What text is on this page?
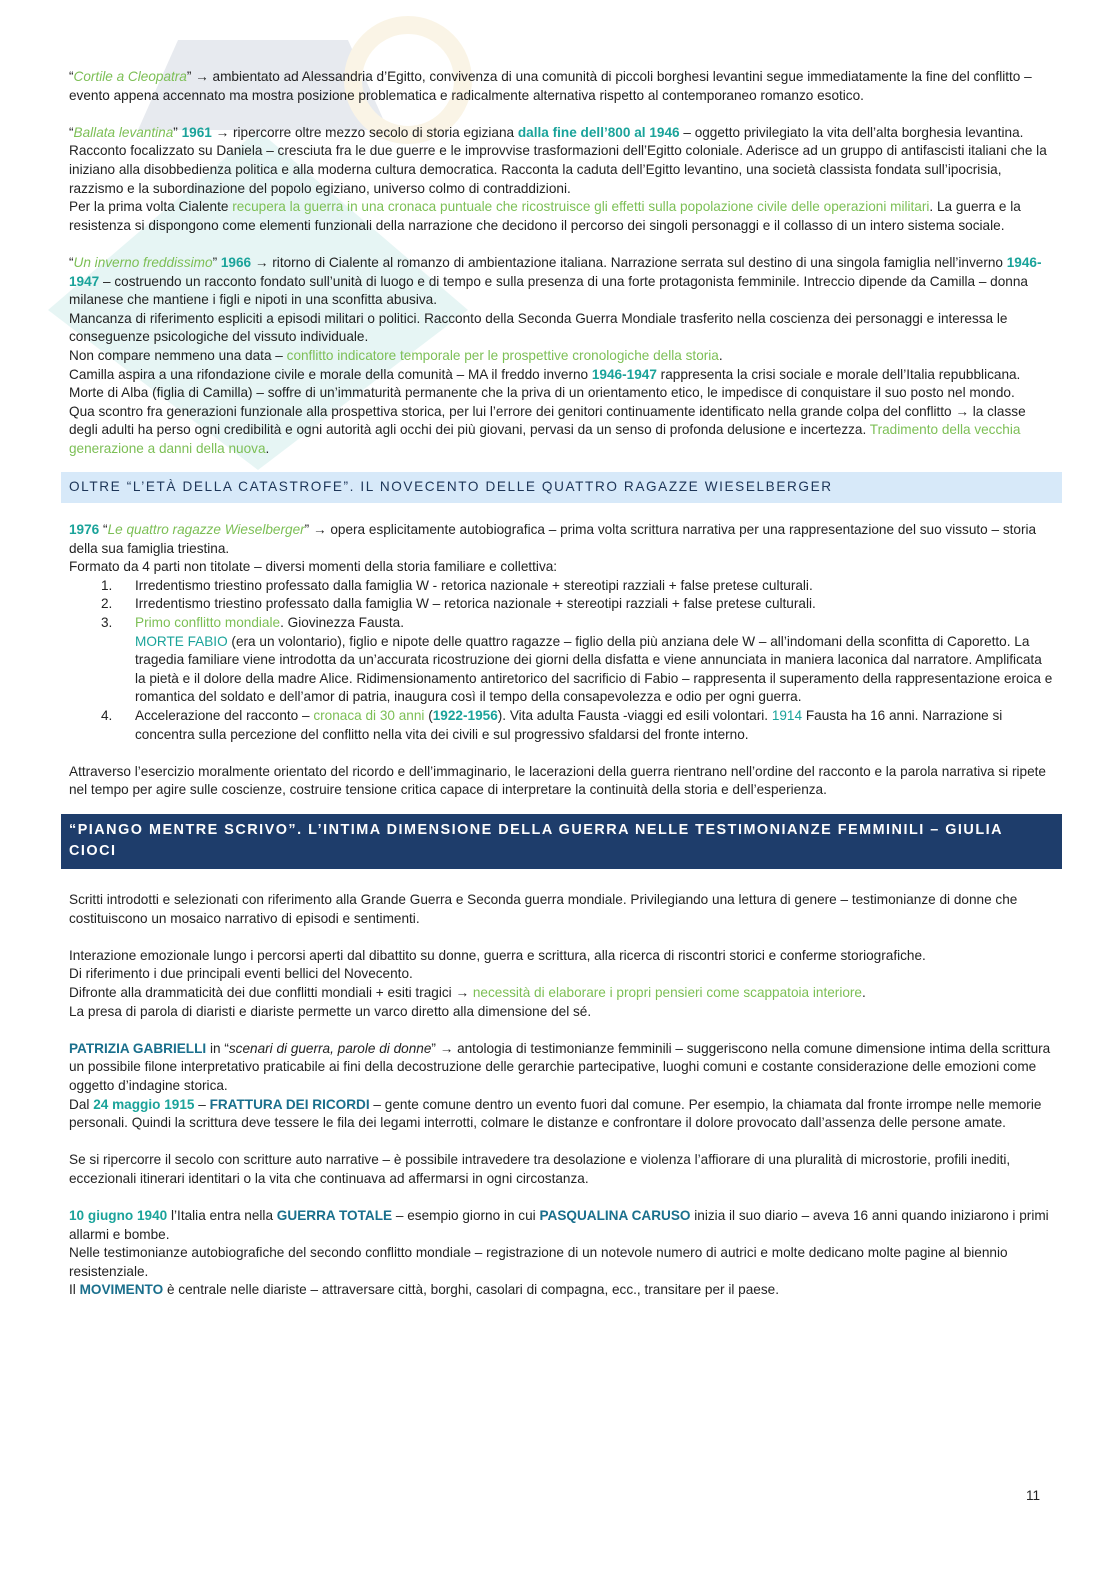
“Cortile a Cleopatra” → ambientato ad Alessandria d’Egitto, convivenza di una comunità di piccoli borghesi levantini segue immediatamente la fine del conflitto – evento appena accennato ma mostra posizione problematica e radicalmente alternativa rispetto al contemporaneo romanzo esotico.

“Ballata levantina” 1961 → ripercorre oltre mezzo secolo di storia egiziana dalla fine dell’800 al 1946 – oggetto privilegiato la vita dell’alta borghesia levantina. Racconto focalizzato su Daniela – cresciuta fra le due guerre e le improvvise trasformazioni dell’Egitto coloniale. Aderisce ad un gruppo di antifascisti italiani che la iniziano alla disobbedienza politica e alla moderna cultura democratica. Racconta la caduta dell’Egitto levantino, una società classista fondata sull’ipocrisia, razzismo e la subordinazione del popolo egiziano, universo colmo di contraddizioni.

Per la prima volta Cialente recupera la guerra in una cronaca puntuale che ricostruisce gli effetti sulla popolazione civile delle operazioni militari. La guerra e la resistenza si dispongono come elementi funzionali della narrazione che decidono il percorso dei singoli personaggi e il collasso di un intero sistema sociale.

“Un inverno freddissimo” 1966 → ritorno di Cialente al romanzo di ambientazione italiana. Narrazione serrata sul destino di una singola famiglia nell’inverno 1946-1947 – costruendo un racconto fondato sull’unità di luogo e di tempo e sulla presenza di una forte protagonista femminile. Intreccio dipende da Camilla – donna milanese che mantiene i figli e nipoti in una sconfitta abusiva.

Mancanza di riferimento espliciti a episodi militari o politici. Racconto della Seconda Guerra Mondiale trasferito nella coscienza dei personaggi e interessa le conseguenze psicologiche del vissuto individuale.

Non compare nemmeno una data – conflitto indicatore temporale per le prospettive cronologiche della storia.

Camilla aspira a una rifondazione civile e morale della comunità – MA il freddo inverno 1946-1947 rappresenta la crisi sociale e morale dell’Italia repubblicana.

Morte di Alba (figlia di Camilla) – soffre di un’immaturità permanente che la priva di un orientamento etico, le impedisce di conquistare il suo posto nel mondo.

Qua scontro fra generazioni funzionale alla prospettiva storica, per lui l’errore dei genitori continuamente identificato nella grande colpa del conflitto → la classe degli adulti ha perso ogni credibilità e ogni autorità agli occhi dei più giovani, pervasi da un senso di profonda delusione e incertezza. Tradimento della vecchia generazione a danni della nuova.

OLTRE “L’ETÀ DELLA CATASTROFE”. IL NOVECENTO DELLE QUATTRO RAGAZZE WIESELBERGER

1976 “Le quattro ragazze Wieselberger” → opera esplicitamente autobiografica – prima volta scrittura narrativa per una rappresentazione del suo vissuto – storia della sua famiglia triestina.

Formato da 4 parti non titolate – diversi momenti della storia familiare e collettiva:

1. Irredentismo triestino professato dalla famiglia W - retorica nazionale + stereotipi razziali + false pretese culturali.
2. Irredentismo triestino professato dalla famiglia W – retorica nazionale + stereotipi razziali + false pretese culturali.
3. Primo conflitto mondiale. Giovinezza Fausta.
MORTE FABIO (era un volontario), figlio e nipote delle quattro ragazze – figlio della più anziana dele W – all’indomani della sconfitta di Caporetto. La tragedia familiare viene introdotta da un’accurata ricostruzione dei giorni della disfatta e viene annunciata in maniera laconica dal narratore. Amplificata la pietà e il dolore della madre Alice. Ridimensionamento antiretorico del sacrificio di Fabio – rappresenta il superamento della rappresentazione eroica e romantica del soldato e dell’amor di patria, inaugura così il tempo della consapevolezza e odio per ogni guerra.
4. Accelerazione del racconto – cronaca di 30 anni (1922-1956). Vita adulta Fausta -viaggi ed esili volontari. 1914 Fausta ha 16 anni. Narrazione si concentra sulla percezione del conflitto nella vita dei civili e sul progressivo sfaldarsi del fronte interno.

Attraverso l’esercizio moralmente orientato del ricordo e dell’immaginario, le lacerazioni della guerra rientrano nell’ordine del racconto e la parola narrativa si ripete nel tempo per agire sulle coscienze, costruire tensione critica capace di interpretare la continuità della storia e dell’esperienza.

“PIANGO MENTRE SCRIVO”. L’INTIMA DIMENSIONE DELLA GUERRA NELLE TESTIMONIANZE FEMMINILI – GIULIA CIOCI

Scritti introdotti e selezionati con riferimento alla Grande Guerra e Seconda guerra mondiale. Privilegiando una lettura di genere – testimonianze di donne che costituiscono un mosaico narrativo di episodi e sentimenti.

Interazione emozionale lungo i percorsi aperti dal dibattito su donne, guerra e scrittura, alla ricerca di riscontri storici e conferme storiografiche.

Di riferimento i due principali eventi bellici del Novecento.

Difronte alla drammaticità dei due conflitti mondiali + esiti tragici → necessità di elaborare i propri pensieri come scappatoia interiore.

La presa di parola di diaristi e diariste permette un varco diretto alla dimensione del sé.

PATRIZIA GABRIELLI in “scenari di guerra, parole di donne” → antologia di testimonianze femminili – suggeriscono nella comune dimensione intima della scrittura un possibile filone interpretativo praticabile ai fini della decostruzione delle gerarchie partecipative, luoghi comuni e costante considerazione delle emozioni come oggetto d’indagine storica.

Dal 24 maggio 1915 – FRATTURA DEI RICORDI – gente comune dentro un evento fuori dal comune. Per esempio, la chiamata dal fronte irrompe nelle memorie personali. Quindi la scrittura deve tessere le fila dei legami interrotti, colmare le distanze e confrontare il dolore provocato dall’assenza delle persone amate.

Se si ripercorre il secolo con scritture auto narrative – è possibile intravedere tra desolazione e violenza l’affiorare di una pluralità di microstorie, profili inediti, eccezionali itinerari identitari o la vita che continuava ad affermarsi in ogni circostanza.

10 giugno 1940 l’Italia entra nella GUERRA TOTALE – esempio giorno in cui PASQUALINA CARUSO inizia il suo diario – aveva 16 anni quando iniziarono i primi allarmi e bombe.

Nelle testimonianze autobiografiche del secondo conflitto mondiale – registrazione di un notevole numero di autrici e molte dedicano molte pagine al biennio resistenziale.

Il MOVIMENTO è centrale nelle diariste – attraversare città, borghi, casolari di compagna, ecc., transitare per il paese.

11
